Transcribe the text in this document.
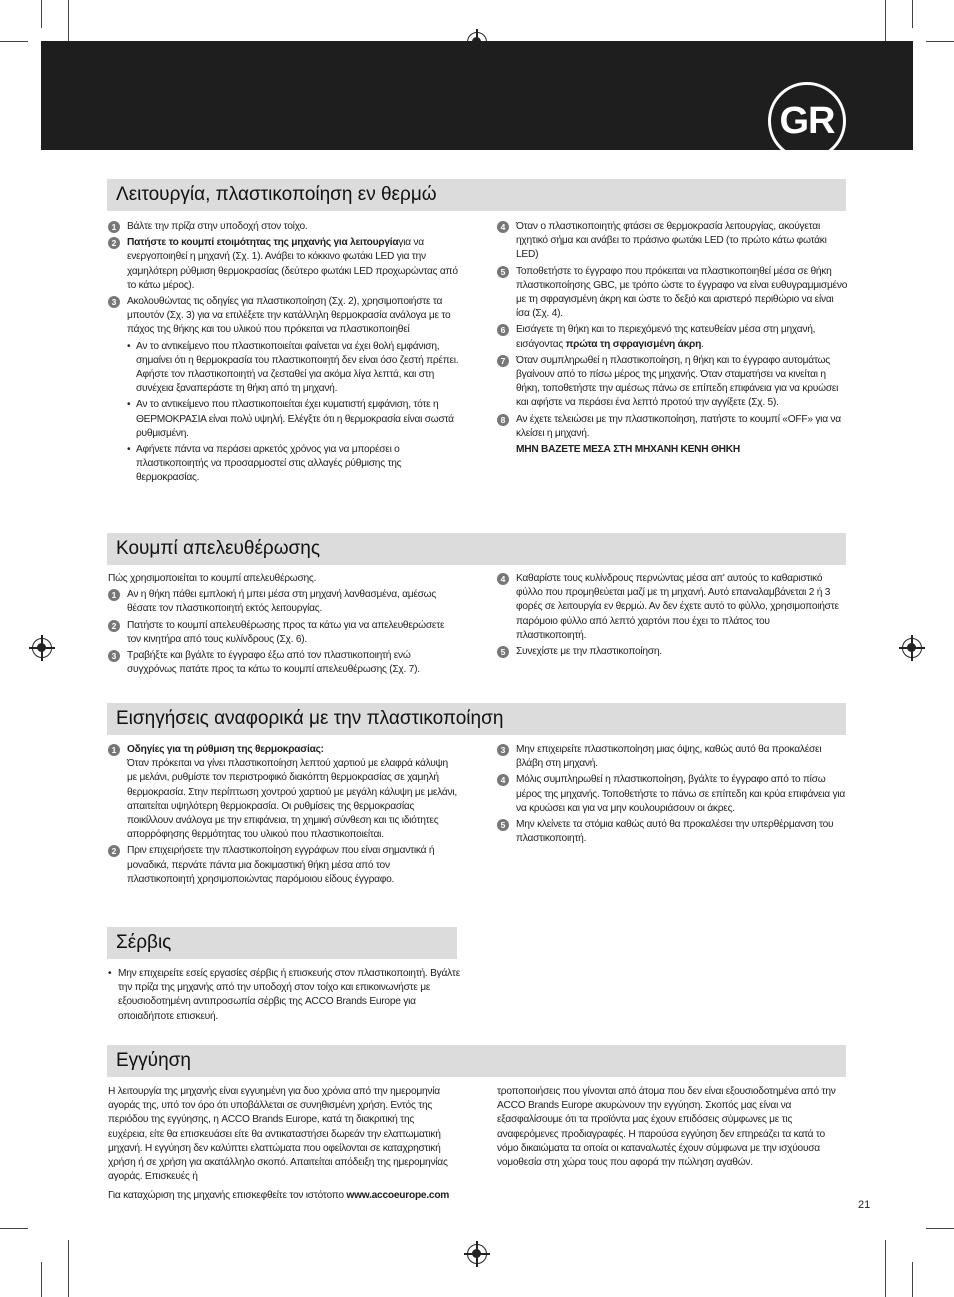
GR
Λειτουργία, πλαστικοποίηση εν θερμώ
1	Βάλτε την πρίζα στην υποδοχή στον τοίχο.
2	Πατήστε το κουμπί ετοιμότητας της μηχανής για λειτουργίαγια να ενεργοποιηθεί η μηχανή (Σχ. 1). Ανάβει το κόκκινο φωτάκι LED για την χαμηλότερη ρύθμιση θερμοκρασίας (δεύτερο φωτάκι LED προχωρώντας από το κάτω μέρος).
3	Ακολουθώντας τις οδηγίες για πλαστικοποίηση (Σχ. 2), χρησιμοποιήστε τα μπουτόν (Σχ. 3) για να επιλέξετε την κατάλληλη θερμοκρασία ανάλογα με το πάχος της θήκης και του υλικού που πρόκειται να πλαστικοποιηθεί
• Αν το αντικείμενο που πλαστικοποιείται φαίνεται να έχει θολή εμφάνιση, σημαίνει ότι η θερμοκρασία του πλαστικοποιητή δεν είναι όσο ζεστή πρέπει. Αφήστε τον πλαστικοποιητή να ζεσταθεί για ακόμα λίγα λεπτά, και στη συνέχεια ξαναπεράστε τη θήκη από τη μηχανή.
• Αν το αντικείμενο που πλαστικοποιείται έχει κυματιστή εμφάνιση, τότε η ΘΕΡΜΟΚΡΑΣΙΑ είναι πολύ υψηλή. Ελέγξτε ότι η θερμοκρασία είναι σωστά ρυθμισμένη.
• Αφήνετε πάντα να περάσει αρκετός χρόνος για να μπορέσει ο πλαστικοποιητής να προσαρμοστεί στις αλλαγές ρύθμισης της θερμοκρασίας.
4	Όταν ο πλαστικοποιητής φτάσει σε θερμοκρασία λειτουργίας, ακούγεται ηχητικό σήμα και ανάβει το πράσινο φωτάκι LED (το πρώτο κάτω φωτάκι LED)
5	Τοποθετήστε το έγγραφο που πρόκειται να πλαστικοποιηθεί μέσα σε θήκη πλαστικοποίησης GBC, με τρόπο ώστε το έγγραφο να είναι ευθυγραμμισμένο με τη σφραγισμένη άκρη και ώστε το δεξιό και αριστερό περιθώριο να είναι ίσα (Σχ. 4).
6	Εισάγετε τη θήκη και το περιεχόμενό της κατευθείαν μέσα στη μηχανή, εισάγοντας πρώτα τη σφραγισμένη άκρη.
7	Όταν συμπληρωθεί η πλαστικοποίηση, η θήκη και το έγγραφο αυτομάτως βγαίνουν από το πίσω μέρος της μηχανής. Όταν σταματήσει να κινείται η θήκη, τοποθετήστε την αμέσως πάνω σε επίπεδη επιφάνεια για να κρυώσει και αφήστε να περάσει ένα λεπτό προτού την αγγίξετε (Σχ. 5).
8	Αν έχετε τελειώσει με την πλαστικοποίηση, πατήστε το κουμπί «OFF» για να κλείσει η μηχανή.
ΜΗΝ ΒΑΖΕΤΕ ΜΕΣΑ ΣΤΗ ΜΗΧΑΝΗ ΚΕΝΗ ΘΗΚΗ
Κουμπί απελευθέρωσης

Πώς χρησιμοποιείται το κουμπί απελευθέρωσης.

1	Αν η θήκη πάθει εμπλοκή ή μπει μέσα στη μηχανή λανθασμένα, αμέσως θέσατε τον πλαστικοποιητή εκτός λειτουργίας.
2	Πατήστε το κουμπί απελευθέρωσης προς τα κάτω για να απελευθερώσετε τον κινητήρα από τους κυλίνδρους (Σχ. 6).
3	Τραβήξτε και βγάλτε το έγγραφο έξω από τον πλαστικοποιητή ενώ συγχρόνως πατάτε προς τα κάτω το κουμπί απελευθέρωσης (Σχ. 7).
4	Καθαρίστε τους κυλίνδρους περνώντας μέσα απ' αυτούς το καθαριστικό φύλλο που προμηθεύεται μαζί με τη μηχανή. Αυτό επαναλαμβάνεται 2 ή 3 φορές σε λειτουργία εν θερμώ. Αν δεν έχετε αυτό το φύλλο, χρησιμοποιήστε παρόμοιο φύλλο από λεπτό χαρτόνι που έχει το πλάτος του πλαστικοποιητή.
5	Συνεχίστε με την πλαστικοποίηση.
Εισηγήσεις αναφορικά με την πλαστικοποίηση
1	Οδηγίες για τη ρύθμιση της θερμοκρασίας:
Όταν πρόκειται να γίνει πλαστικοποίηση λεπτού χαρτιού με ελαφρά κάλυψη με μελάνι, ρυθμίστε τον περιστροφικό διακόπτη θερμοκρασίας σε χαμηλή θερμοκρασία. Στην περίπτωση χοντρού χαρτιού με μεγάλη κάλυψη με μελάνι, απαιτείται υψηλότερη θερμοκρασία. Οι ρυθμίσεις της θερμοκρασίας ποικίλλουν ανάλογα με την επιφάνεια, τη χημική σύνθεση και τις ιδιότητες απορρόφησης θερμότητας του υλικού που πλαστικοποιείται.
2	Πριν επιχειρήσετε την πλαστικοποίηση εγγράφων που είναι σημαντικά ή μοναδικά, περνάτε πάντα μια δοκιμαστική θήκη μέσα από τον πλαστικοποιητή χρησιμοποιώντας παρόμοιου είδους έγγραφο.
3	Μην επιχειρείτε πλαστικοποίηση μιας όψης, καθώς αυτό θα προκαλέσει βλάβη στη μηχανή.
4	Μόλις συμπληρωθεί η πλαστικοποίηση, βγάλτε το έγγραφο από το πίσω μέρος της μηχανής. Τοποθετήστε το πάνω σε επίπεδη και κρύα επιφάνεια για να κρυώσει και για να μην κουλουριάσουν οι άκρες.
5	Μην κλείνετε τα στόμια καθώς αυτό θα προκαλέσει την υπερθέρμανση του πλαστικοποιητή.
Σέρβις
• Μην επιχειρείτε εσείς εργασίες σέρβις ή επισκευής στον πλαστικοποιητή. Βγάλτε την πρίζα της μηχανής από την υποδοχή στον τοίχο και επικοινωνήστε με εξουσιοδοτημένη αντιπροσωπία σέρβις της ACCO Brands Europe για οποιαδήποτε επισκευή.
Εγγύηση

Η λειτουργία της μηχανής είναι εγγυημένη για δυο χρόνια από την ημερομηνία αγοράς της, υπό τον όρο ότι υποβάλλεται σε συνηθισμένη χρήση. Εντός της περιόδου της εγγύησης, η ACCO Brands Europe, κατά τη διακριτική της ευχέρεια, είτε θα επισκευάσει είτε θα αντικαταστήσει δωρεάν την ελαττωματική μηχανή. Η εγγύηση δεν καλύπτει ελαττώματα που οφείλονται σε καταχρηστική χρήση ή σε χρήση για ακατάλληλο σκοπό. Απαιτείται απόδειξη της ημερομηνίας αγοράς. Επισκευές ή

Για καταχώριση της μηχανής επισκεφθείτε τον ιστότοπο www.accoeurope.com

τροποποιήσεις που γίνονται από άτομα που δεν είναι εξουσιοδοτημένα από την ACCO Brands Europe ακυρώνουν την εγγύηση. Σκοπός μας είναι να εξασφαλίσουμε ότι τα προϊόντα μας έχουν επιδόσεις σύμφωνες με τις αναφερόμενες προδιαγραφές. Η παρούσα εγγύηση δεν επηρεάζει τα κατά το νόμο δικαιώματα τα οποία οι καταναλωτές έχουν σύμφωνα με την ισχύουσα νομοθεσία στη χώρα τους που αφορά την πώληση αγαθών.

21
